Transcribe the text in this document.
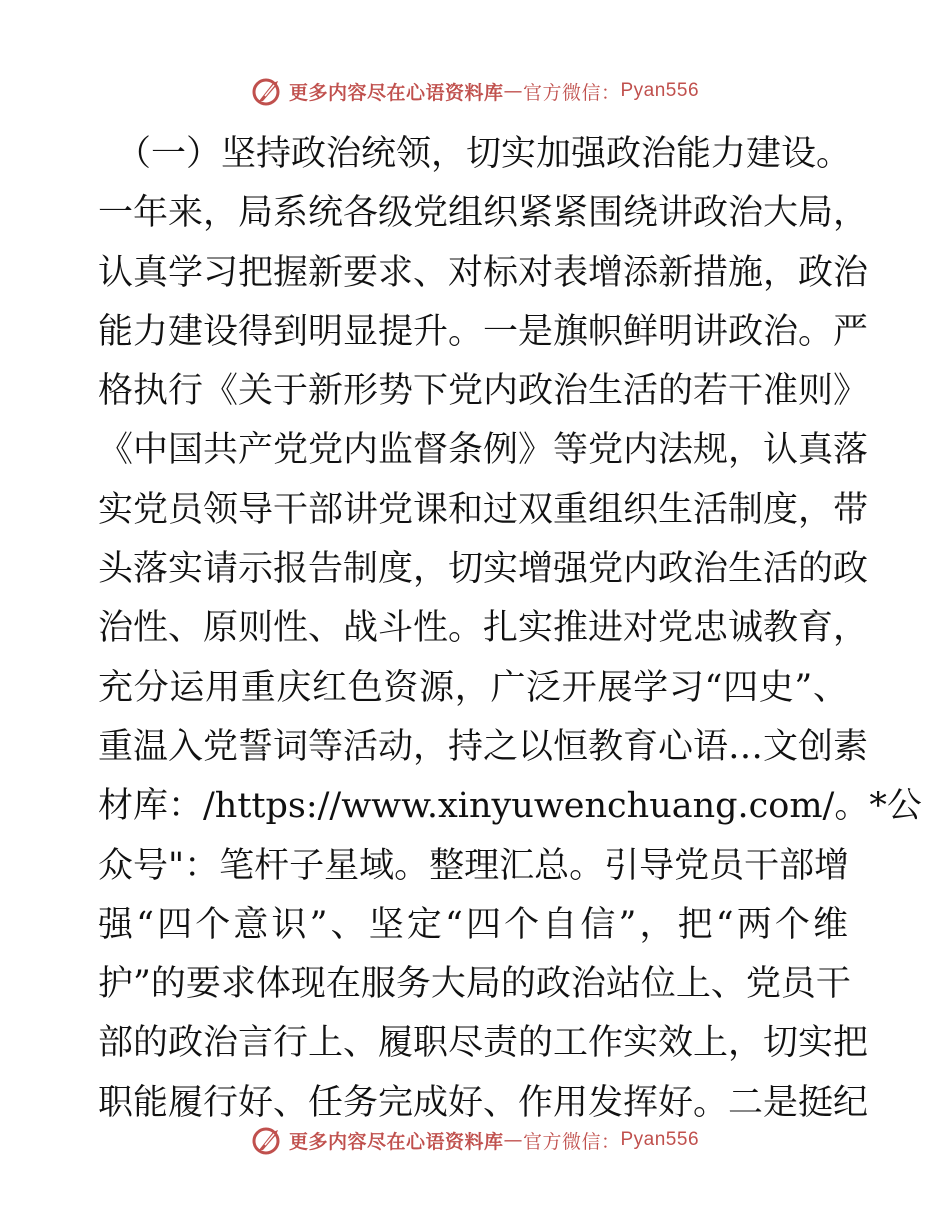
更多内容尽在心语资料库 — 官方微信： Pyan556
（一）坚持政治统领，切实加强政治能力建设。
一年来，局系统各级党组织紧紧围绕讲政治大局，
认真学习把握新要求、对标对表增添新措施，政治
能力建设得到明显提升。一是旗帜鲜明讲政治。严
格执行《关于新形势下党内政治生活的若干准则》
《中国共产党党内监督条例》等党内法规，认真落
实党员领导干部讲党课和过双重组织生活制度，带
头落实请示报告制度，切实增强党内政治生活的政
治性、原则性、战斗性。扎实推进对党忠诚教育，
充分运用重庆红色资源，广泛开展学习“四史”、
重温入党誓词等活动，持之以恒教育心语…文创素
材库：/https://www.xinyuwenchuang.com/。*公
众号"：笔杆子星域。整理汇总。引导党员干部增
强“四个意识”、坚定“四个自信”，把“两个维
护”的要求体现在服务大局的政治站位上、党员干
部的政治言行上、履职尽责的工作实效上，切实把
职能履行好、任务完成好、作用发挥好。二是挺纪
更多内容尽在心语资料库 — 官方微信： Pyan556
